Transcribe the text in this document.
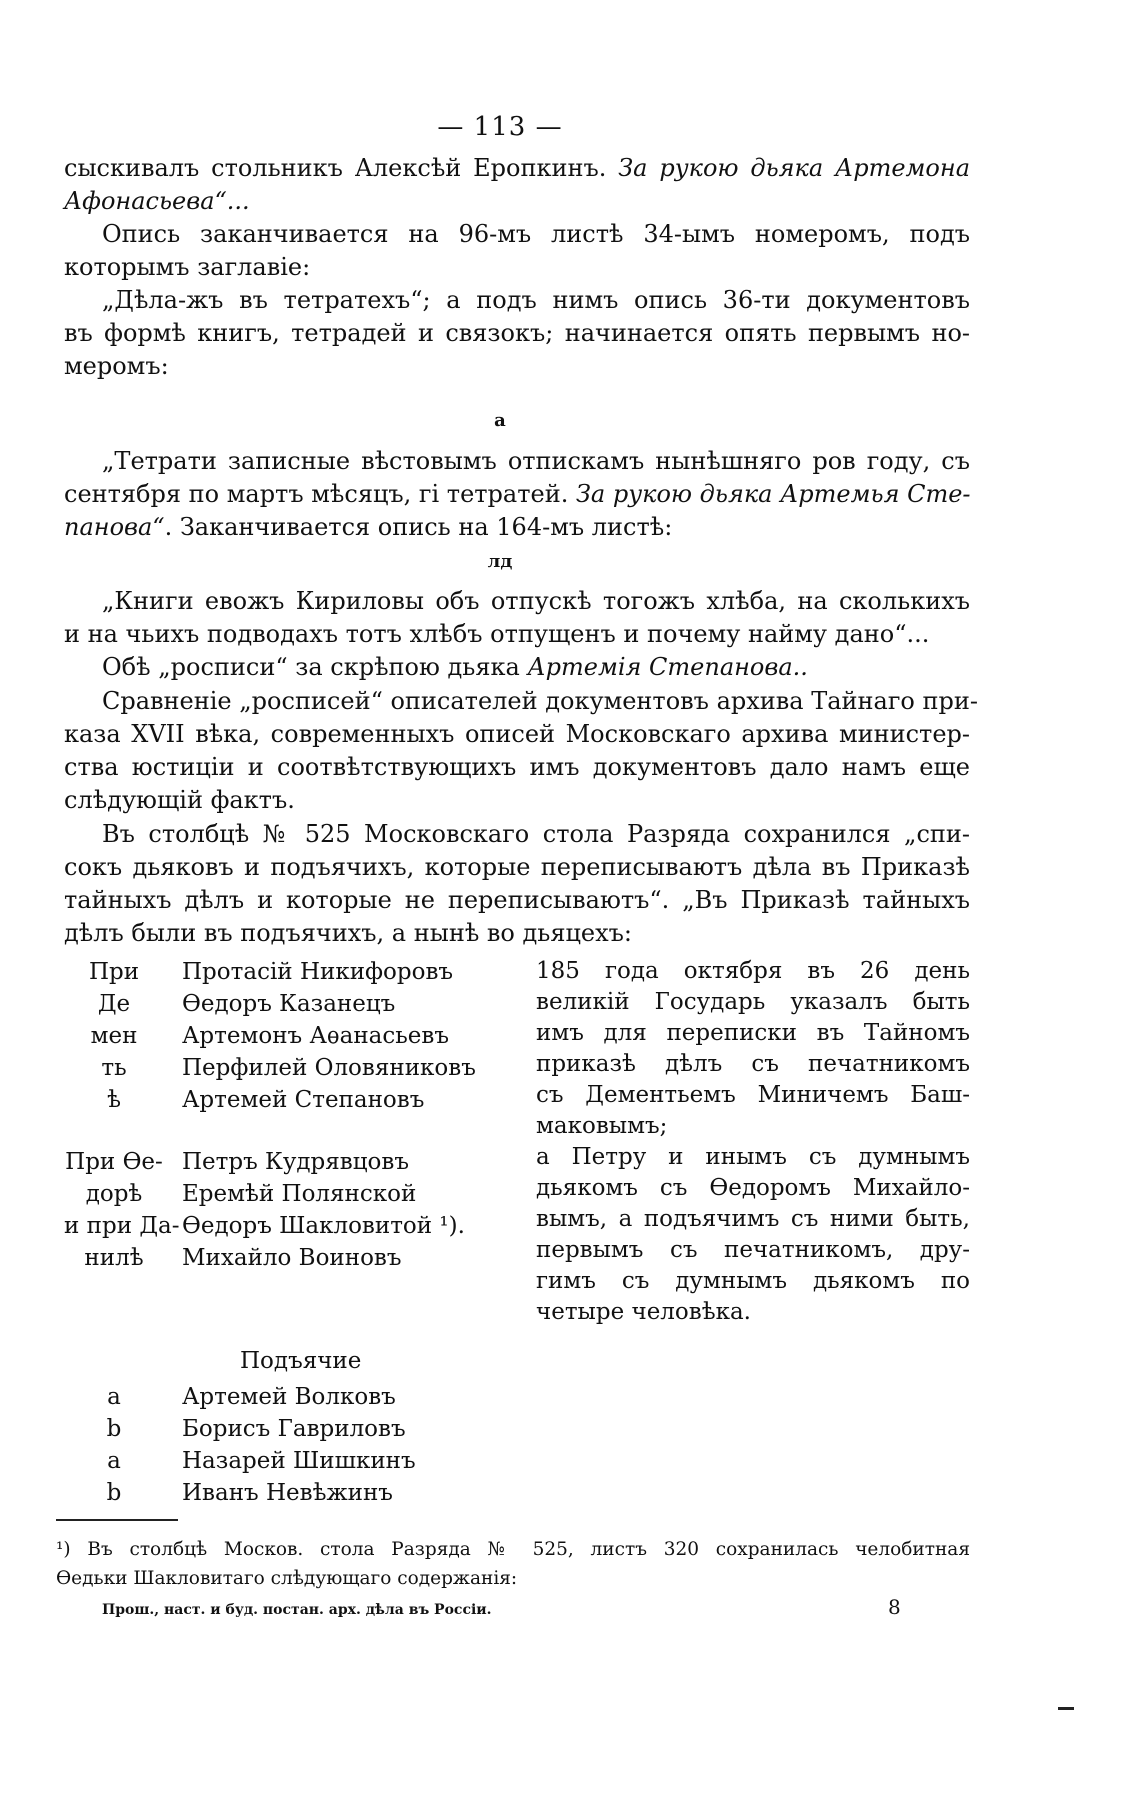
— 113 —
сыскивалъ стольникъ Алексѣй Еропкинъ. За рукою дьяка Артемона
Афонасьева“...
Опись заканчивается на 96-мъ листѣ 34-ымъ номеромъ, подъ
которымъ заглавіе:
„Дѣла-жъ въ тетратехъ“; а подъ нимъ опись 36-ти документовъ
въ формѣ книгъ, тетрадей и связокъ; начинается опять первымъ но-
меромъ:
а
„Тетрати записные вѣстовымъ отпискамъ нынѣшняго ров году, съ
сентября по мартъ мѣсяцъ, гі тетратей. За рукою дьяка Артемья Сте-
панова“. Заканчивается опись на 164-мъ листѣ:
лд
„Книги евожъ Кириловы объ отпускѣ тогожъ хлѣба, на сколькихъ
и на чьихъ подводахъ тотъ хлѣбъ отпущенъ и почему найму дано“...
Обѣ „росписи“ за скрѣпою дьяка Артемія Степанова..
Сравненіе „росписей“ описателей документовъ архива Тайнаго при-
каза XVII вѣка, современныхъ описей Московскаго архива министер-
ства юстиціи и соотвѣтствующихъ имъ документовъ дало намъ еще
слѣдующій фактъ.
Въ столбцѣ № 525 Московскаго стола Разряда сохранился „спи-
сокъ дьяковъ и подъячихъ, которые переписываютъ дѣла въ Приказѣ
тайныхъ дѣлъ и которые не переписываютъ“. „Въ Приказѣ тайныхъ
дѣлъ были въ подъячихъ, а нынѣ во дьяцехъ:
При	Протасій Никифоровъ
Де	Ѳедоръ Казанецъ
мен	Артемонъ Аѳанасьевъ
ть	Перфилей Оловяниковъ
ѣ	Артемей Степановъ
При Ѳе- Петръ Кудрявцовъ
дорѣ	Еремѣй Полянской
и при Да- Ѳедоръ Шакловитой ¹).
нилѣ	Михайло Воиновъ
185 года октября въ 26 день
великій Государь указалъ быть
имъ для переписки въ Тайномъ
приказѣ дѣлъ съ печатникомъ
съ Дементьемъ Миничемъ Баш-
маковымъ;
а Петру и инымъ съ думнымъ
дьякомъ съ Ѳедоромъ Михайло-
вымъ, а подъячимъ съ ними быть,
первымъ съ печатникомъ, дру-
гимъ съ думнымъ дьякомъ по
четыре человѣка.
Подъячие
а	Артемей Волковъ
b	Борисъ Гавриловъ
а	Назарей Шишкинъ
b	Иванъ Невѣжинъ
¹) Въ столбцѣ Москов. стола Разряда № 525, листъ 320 сохранилась челобитная
Ѳедьки Шакловитаго слѣдующаго содержанія:
Прош., наст. и буд. постан. арх. дѣла въ Россіи.	8
